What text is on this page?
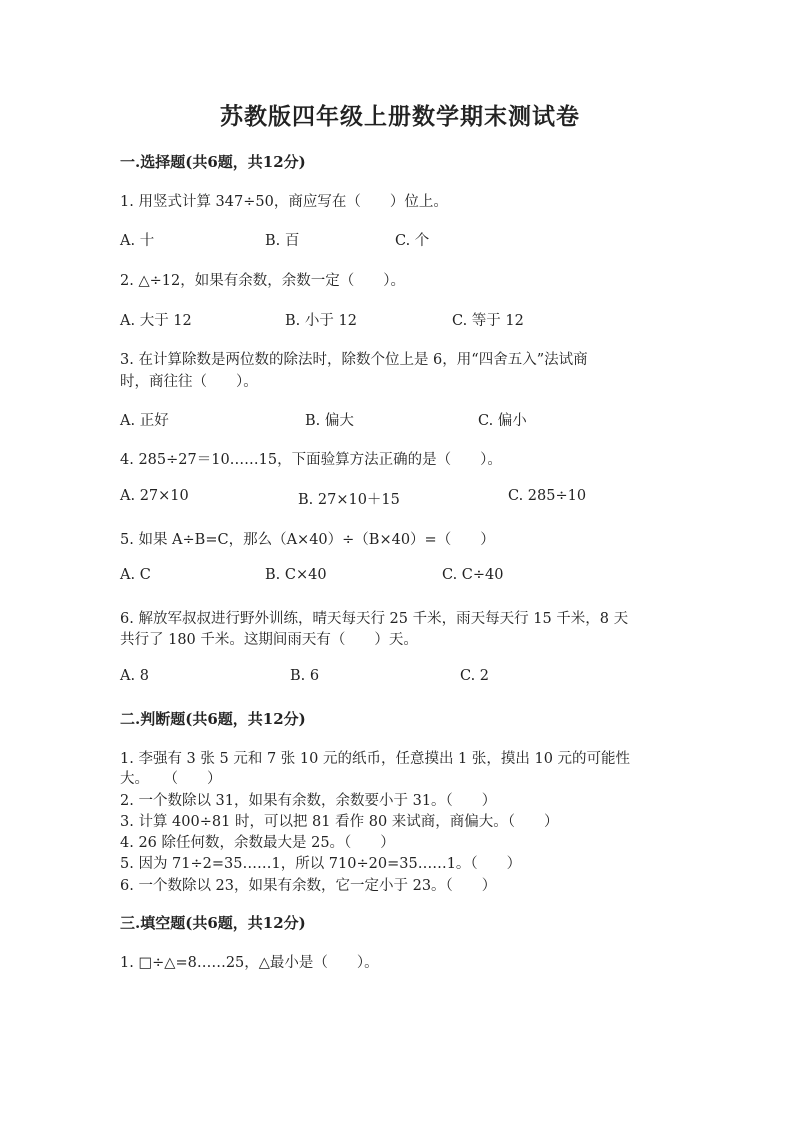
苏教版四年级上册数学期末测试卷
一.选择题(共6题，共12分)
1. 用竖式计算 347÷50，商应写在（　　）位上。
A. 十	B. 百	C. 个
2. △÷12，如果有余数，余数一定（　　）。
A. 大于 12	B. 小于 12	C. 等于 12
3. 在计算除数是两位数的除法时，除数个位上是 6，用“四舍五入”法试商
时，商往往（　　）。
A. 正好	B. 偏大	C. 偏小
4. 285÷27＝10……15，下面验算方法正确的是（　　）。
A. 27×10	B. 27×10＋15	C. 285÷10
5. 如果 A÷B=C，那么（A×40）÷（B×40）=（　　）
A. C	B. C×40	C. C÷40
6. 解放军叔叔进行野外训练，晴天每天行 25 千米，雨天每天行 15 千米，8 天
共行了 180 千米。这期间雨天有（　　）天。
A. 8	B. 6	C. 2
二.判断题(共6题，共12分)
1. 李强有 3 张 5 元和 7 张 10 元的纸币，任意摸出 1 张，摸出 10 元的可能性
大。　　（　　）
2. 一个数除以 31，如果有余数，余数要小于 31。（　　）
3. 计算 400÷81 时，可以把 81 看作 80 来试商，商偏大。（　　）
4. 26 除任何数，余数最大是 25。（　　）
5. 因为 71÷2=35……1，所以 710÷20=35……1。（　　）
6. 一个数除以 23，如果有余数，它一定小于 23。（　　）
三.填空题(共6题，共12分)
1. □÷△=8……25，△最小是（　　）。
